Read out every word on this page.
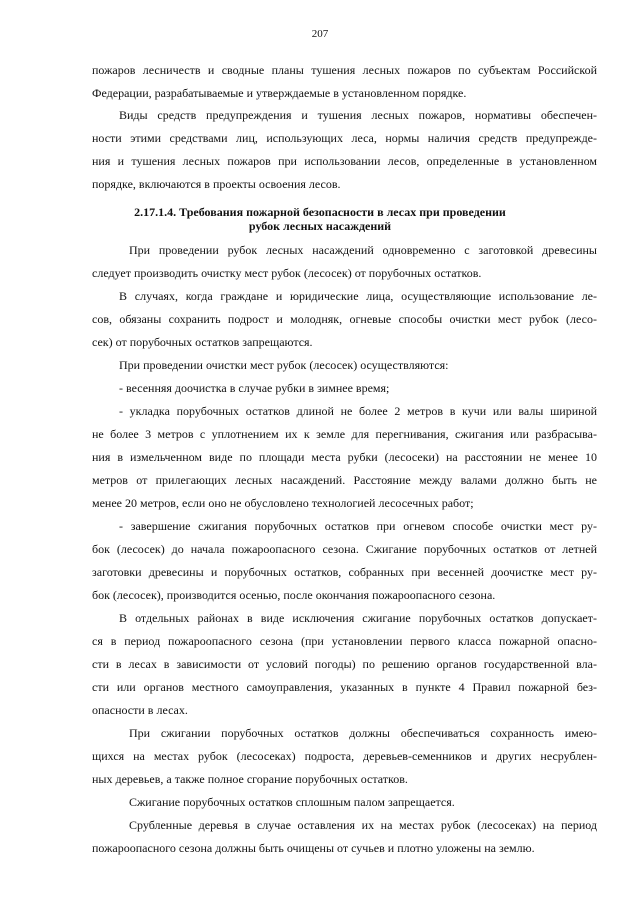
207
пожаров лесничеств и сводные планы тушения лесных пожаров по субъектам Российской
Федерации, разрабатываемые и утверждаемые в установленном порядке.
Виды средств предупреждения и тушения лесных пожаров, нормативы обеспечен-
ности этими средствами лиц, использующих леса, нормы наличия средств предупрежде-
ния и тушения лесных пожаров при использовании лесов, определенные в установленном
порядке, включаются в проекты освоения лесов.
2.17.1.4. Требования пожарной безопасности в лесах при проведении
рубок лесных насаждений
При проведении рубок лесных насаждений одновременно с заготовкой древесины
следует производить очистку мест рубок (лесосек) от порубочных остатков.
В случаях, когда граждане и юридические лица, осуществляющие использование ле-
сов, обязаны сохранить подрост и молодняк, огневые способы очистки мест рубок (лесо-
сек) от порубочных остатков запрещаются.
При проведении очистки мест рубок (лесосек) осуществляются:
- весенняя доочистка в случае рубки в зимнее время;
- укладка порубочных остатков длиной не более 2 метров в кучи или валы шириной
не более 3 метров с уплотнением их к земле для перегнивания, сжигания или разбрасыва-
ния в измельченном виде по площади места рубки (лесосеки) на расстоянии не менее 10
метров от прилегающих лесных насаждений. Расстояние между валами должно быть не
менее 20 метров, если оно не обусловлено технологией лесосечных работ;
- завершение сжигания порубочных остатков при огневом способе очистки мест ру-
бок (лесосек) до начала пожароопасного сезона. Сжигание порубочных остатков от летней
заготовки древесины и порубочных остатков, собранных при весенней доочистке мест ру-
бок (лесосек), производится осенью, после окончания пожароопасного сезона.
В отдельных районах в виде исключения сжигание порубочных остатков допускает-
ся в период пожароопасного сезона (при установлении первого класса пожарной опасно-
сти в лесах в зависимости от условий погоды) по решению органов государственной вла-
сти или органов местного самоуправления, указанных в пункте 4 Правил пожарной без-
опасности в лесах.
При сжигании порубочных остатков должны обеспечиваться сохранность имею-
щихся на местах рубок (лесосеках) подроста, деревьев-семенников и других несрублен-
ных деревьев, а также полное сгорание порубочных остатков.
Сжигание порубочных остатков сплошным палом запрещается.
Срубленные деревья в случае оставления их на местах рубок (лесосеках) на период
пожароопасного сезона должны быть очищены от сучьев и плотно уложены на землю.
